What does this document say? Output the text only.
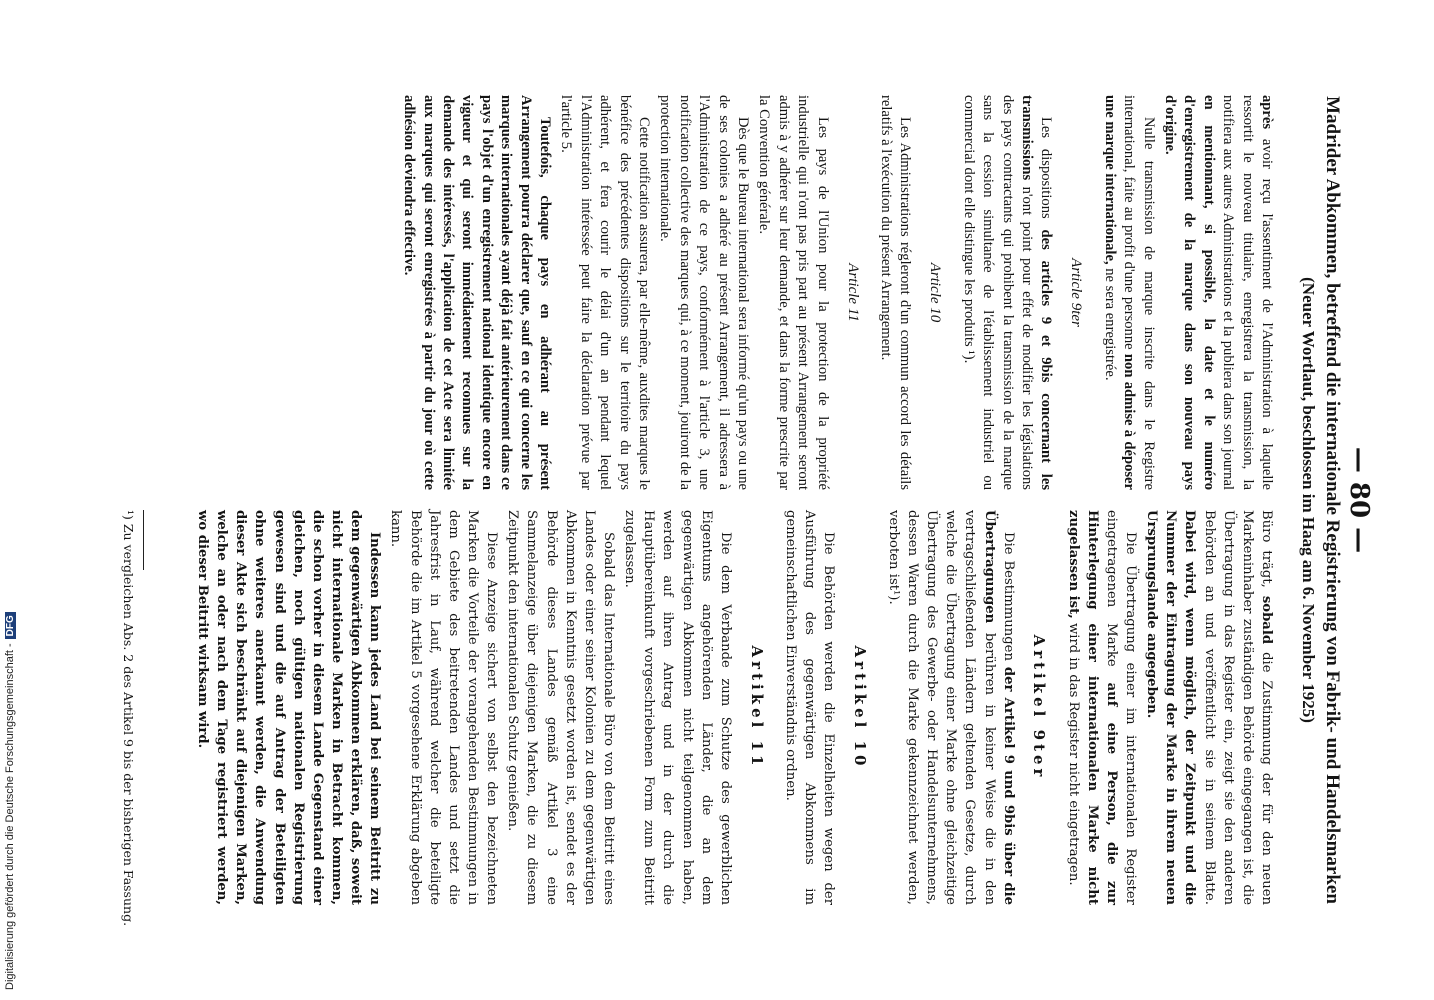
— 80 —
Madrider Abkommen, betreffend die internationale Registrierung von Fabrik- und Handelsmarken
(Neuer Wortlaut, beschlossen im Haag am 6. November 1925)

après avoir reçu l'assentiment de l'Administration à laquelle ressortit le nouveau titulaire, enregistrera la transmission, la notifiera aux autres Administrations et la publiera dans son journal en mentionnant, si possible, la date et le numéro d'enregistrement de la marque dans son nouveau pays d'origine.

Nulle transmission de marque inscrite dans le Registre international, faite au profit d'une personne non admise à déposer une marque internationale, ne sera enregistrée.

Article 9ter

Les dispositions des articles 9 et 9bis concernant les transmissions n'ont point pour effet de modifier les législations des pays contractants qui prohibent la transmission de la marque sans la cession simultanée de l'établissement industriel ou commercial dont elle distingue les produits ¹).

Article 10

Les Administrations régleront d'un commun accord les détails relatifs à l'exécution du présent Arrangement.

Article 11

Les pays de l'Union pour la protection de la propriété industrielle qui n'ont pas pris part au présent Arrangement seront admis à y adhérer sur leur demande, et dans la forme prescrite par la Convention générale.

Dès que le Bureau international sera informé qu'un pays ou une de ses colonies a adhéré au présent Arrangement, il adressera à l'Administration de ce pays, conformément à l'article 3, une notification collective des marques qui, à ce moment, jouiront de la protection internationale.

Cette notification assurera, par elle-même, auxdites marques le bénéfice des précédentes dispositions sur le territoire du pays adhérent, et fera courir le délai d'un an pendant lequel l'Administration intéressée peut faire la déclaration prévue par l'article 5.

Toutefois, chaque pays en adhérant au présent Arrangement pourra déclarer que, sauf en ce qui concerne les marques internationales ayant déjà fait antérieurement dans ce pays l'objet d'un enregistrement national identique encore en vigueur et qui seront immédiatement reconnues sur la demande des intéressés, l'application de cet Acte sera limitée aux marques qui seront enregistrées à partir du jour où cette adhésion deviendra effective.

Büro trägt, sobald die Zustimmung der für den neuen Markeninhaber zuständigen Behörde eingegangen ist, die Übertragung in das Register ein, zeigt sie den anderen Behörden an und veröffentlicht sie in seinem Blatte. Dabei wird, wenn möglich, der Zeitpunkt und die Nummer der Eintragung der Marke in ihrem neuen Ursprungslande angegeben.

Die Übertragung einer im internationalen Register eingetragenen Marke auf eine Person, die zur Hinterlegung einer internationalen Marke nicht zugelassen ist, wird in das Register nicht eingetragen.

Artikel 9ter

Die Bestimmungen der Artikel 9 und 9bis über die Übertragungen berühren in keiner Weise die in den vertragschließenden Ländern geltenden Gesetze, durch welche die Übertragung einer Marke ohne gleichzeitige Übertragung des Gewerbe- oder Handelsunternehmens, dessen Waren durch die Marke gekennzeichnet werden, verboten ist¹).

Artikel 10

Die Behörden werden die Einzelheiten wegen der Ausführung des gegenwärtigen Abkommens im gemeinschaftlichen Einverständnis ordnen.

Artikel 11

Die dem Verbande zum Schutze des gewerblichen Eigentums angehörenden Länder, die an dem gegenwärtigen Abkommen nicht teilgenommen haben, werden auf ihren Antrag und in der durch die Hauptübereinkunft vorgeschriebenen Form zum Beitritt zugelassen.

Sobald das Internationale Büro von dem Beitritt eines Landes oder einer seiner Kolonien zu dem gegenwärtigen Abkommen in Kenntnis gesetzt worden ist, sendet es der Behörde dieses Landes gemäß Artikel 3 eine Sammelanzeige über diejenigen Marken, die zu diesem Zeitpunkt den internationalen Schutz genießen.

Diese Anzeige sichert von selbst den bezeichneten Marken die Vorteile der vorangehenden Bestimmungen in dem Gebiete des beitretenden Landes und setzt die Jahresfrist in Lauf, während welcher die beteiligte Behörde die im Artikel 5 vorgesehene Erklärung abgeben kann.

Indessen kann jedes Land bei seinem Beitritt zu dem gegenwärtigen Abkommen erklären, daß, soweit nicht internationale Marken in Betracht kommen, die schon vorher in diesem Lande Gegenstand einer gleichen, noch gültigen nationalen Registrierung gewesen sind und die auf Antrag der Beteiligten ohne weiteres anerkannt werden, die Anwendung dieser Akte sich beschränkt auf diejenigen Marken, welche an oder nach dem Tage registriert werden, wo dieser Beitritt wirksam wird.

¹) Zu vergleichen Abs. 2 des Artikel 9 bis der bisherigen Fassung.
Digitalisierung gefördert durch die Deutsche Forschungsgemeinschaft -DFG
